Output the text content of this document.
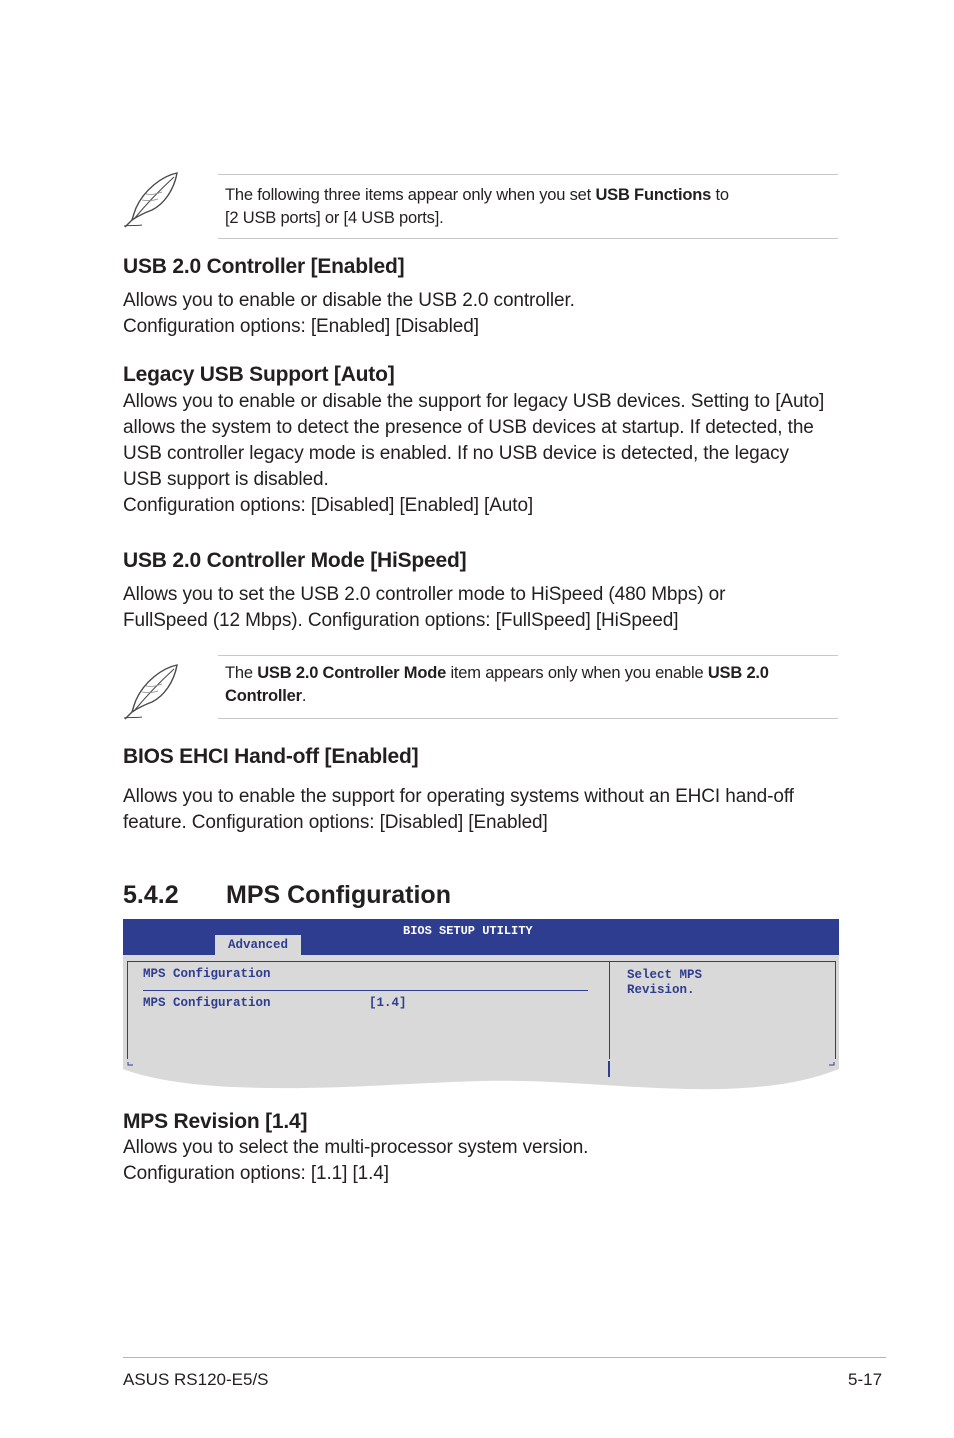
The following three items appear only when you set USB Functions to
[2 USB ports] or [4 USB ports].
USB 2.0 Controller [Enabled]
Allows you to enable or disable the USB 2.0 controller.
Configuration options: [Enabled] [Disabled]
Legacy USB Support [Auto]
Allows you to enable or disable the support for legacy USB devices. Setting to [Auto]
allows the system to detect the presence of USB devices at startup. If detected, the
USB controller legacy mode is enabled. If no USB device is detected, the legacy
USB support is disabled.
Configuration options: [Disabled] [Enabled] [Auto]
USB 2.0 Controller Mode [HiSpeed]
Allows you to set the USB 2.0 controller mode to HiSpeed (480 Mbps) or
FullSpeed (12 Mbps). Configuration options: [FullSpeed] [HiSpeed]
The USB 2.0 Controller Mode item appears only when you enable USB 2.0
Controller.
BIOS EHCI Hand-off [Enabled]
Allows you to enable the support for operating systems without an EHCI hand-off
feature. Configuration options: [Disabled] [Enabled]
5.4.2 MPS Configuration
BIOS SETUP UTILITY
Advanced
MPS Configuration
MPS Configuration	[1.4]
Select MPS
Revision.
MPS Revision [1.4]
Allows you to select the multi-processor system version.
Configuration options: [1.1] [1.4]
ASUS RS120-E5/S	5-17
